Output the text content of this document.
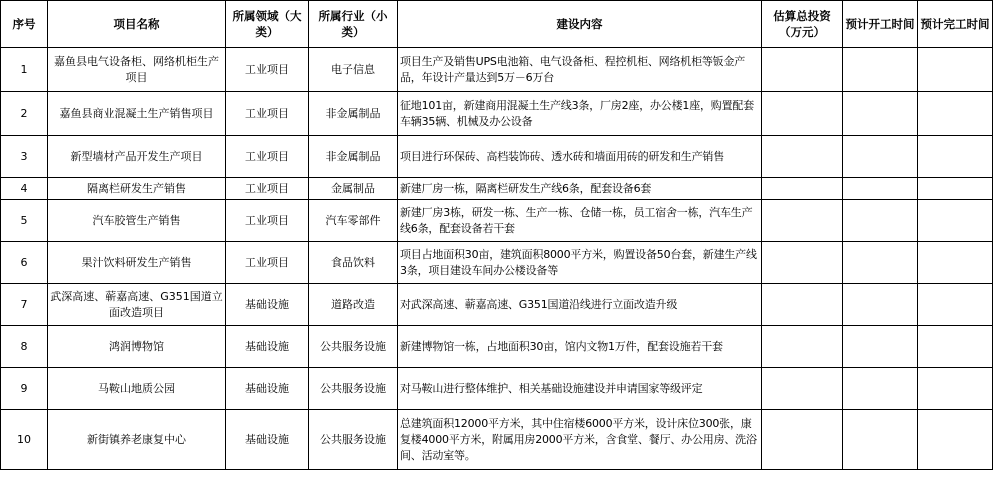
序号	项目名称	所属领域（大类）	所属行业（小类）	建设内容	估算总投资（万元）	预计开工时间	预计完工时间
1	嘉鱼县电气设备柜、网络机柜生产项目	工业项目	电子信息	项目生产及销售UPS电池箱、电气设备柜、程控机柜、网络机柜等钣金产品，年设计产量达到5万－6万台			
2	嘉鱼县商业混凝土生产销售项目	工业项目	非金属制品	征地101亩，新建商用混凝土生产线3条，厂房2座，办公楼1座，购置配套车辆35辆、机械及办公设备			
3	新型墙材产品开发生产项目	工业项目	非金属制品	项目进行环保砖、高档装饰砖、透水砖和墙面用砖的研发和生产销售			
4	隔离栏研发生产销售	工业项目	金属制品	新建厂房一栋，隔离栏研发生产线6条，配套设备6套			
5	汽车胶管生产销售	工业项目	汽车零部件	新建厂房3栋，研发一栋、生产一栋、仓储一栋，员工宿舍一栋，汽车生产线6条，配套设备若干套			
6	果汁饮料研发生产销售	工业项目	食品饮料	项目占地面积30亩，建筑面积8000平方米，购置设备50台套，新建生产线3条，项目建设车间办公楼设备等			
7	武深高速、蕲嘉高速、G351国道立面改造项目	基础设施	道路改造	对武深高速、蕲嘉高速、G351国道沿线进行立面改造升级			
8	鸿润博物馆	基础设施	公共服务设施	新建博物馆一栋，占地面积30亩，馆内文物1万件，配套设施若干套			
9	马鞍山地质公园	基础设施	公共服务设施	对马鞍山进行整体维护、相关基础设施建设并申请国家等级评定			
10	新街镇养老康复中心	基础设施	公共服务设施	总建筑面积12000平方米，其中住宿楼6000平方米，设计床位300张，康复楼4000平方米，附属用房2000平方米，含食堂、餐厅、办公用房、洗浴间、活动室等。			
